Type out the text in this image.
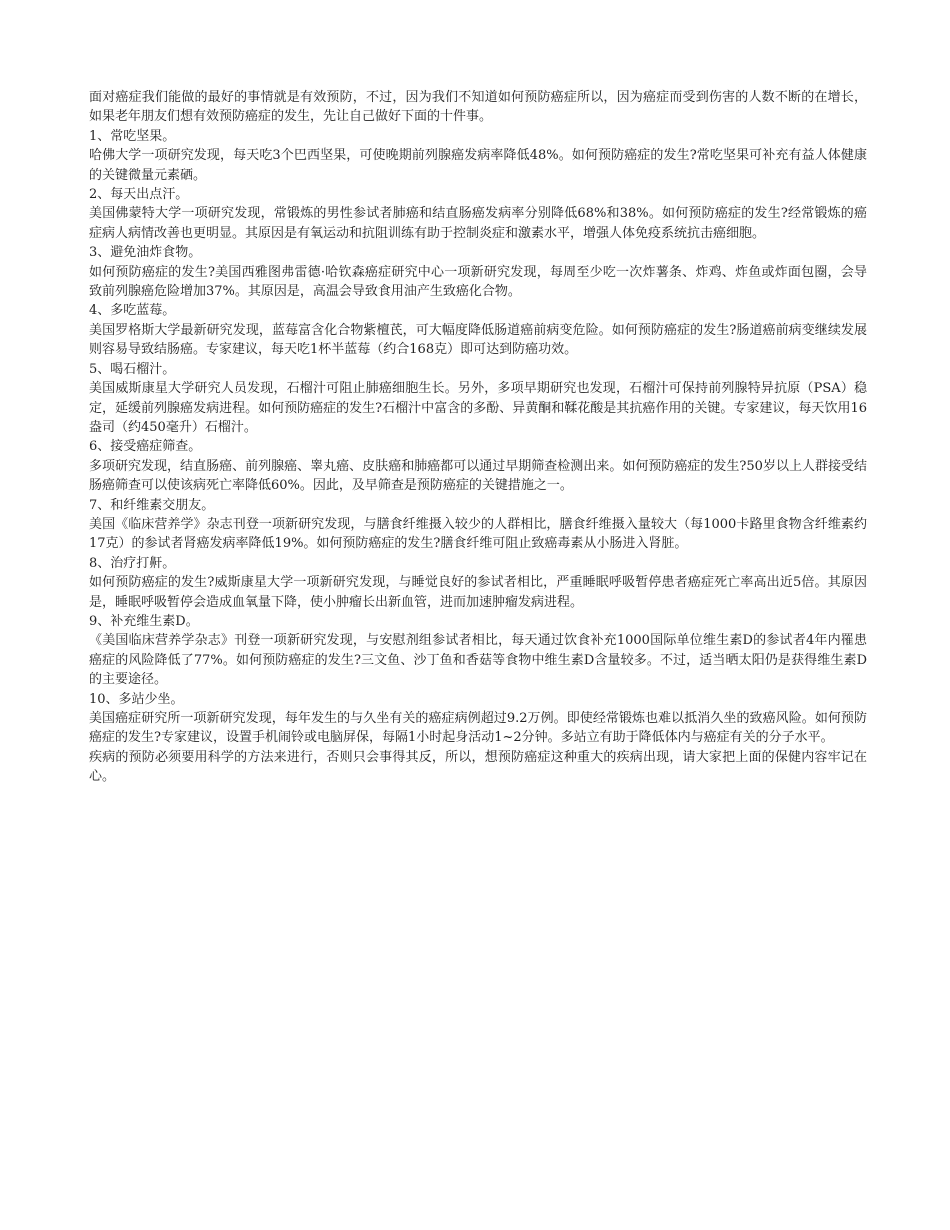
面对癌症我们能做的最好的事情就是有效预防，不过，因为我们不知道如何预防癌症所以，因为癌症而受到伤害的人数不断的在增长，如果老年朋友们想有效预防癌症的发生，先让自己做好下面的十件事。

1、常吃坚果。

哈佛大学一项研究发现，每天吃3个巴西坚果，可使晚期前列腺癌发病率降低48%。如何预防癌症的发生?常吃坚果可补充有益人体健康的关键微量元素硒。

2、每天出点汗。

美国佛蒙特大学一项研究发现，常锻炼的男性参试者肺癌和结直肠癌发病率分别降低68%和38%。如何预防癌症的发生?经常锻炼的癌症病人病情改善也更明显。其原因是有氧运动和抗阻训练有助于控制炎症和激素水平，增强人体免疫系统抗击癌细胞。

3、避免油炸食物。

如何预防癌症的发生?美国西雅图弗雷德·哈钦森癌症研究中心一项新研究发现，每周至少吃一次炸薯条、炸鸡、炸鱼或炸面包圈，会导致前列腺癌危险增加37%。其原因是，高温会导致食用油产生致癌化合物。

4、多吃蓝莓。

美国罗格斯大学最新研究发现，蓝莓富含化合物紫檀芪，可大幅度降低肠道癌前病变危险。如何预防癌症的发生?肠道癌前病变继续发展则容易导致结肠癌。专家建议，每天吃1杯半蓝莓（约合168克）即可达到防癌功效。

5、喝石榴汁。

美国威斯康星大学研究人员发现，石榴汁可阻止肺癌细胞生长。另外，多项早期研究也发现，石榴汁可保持前列腺特异抗原（PSA）稳定，延缓前列腺癌发病进程。如何预防癌症的发生?石榴汁中富含的多酚、异黄酮和鞣花酸是其抗癌作用的关键。专家建议，每天饮用16盎司（约450毫升）石榴汁。

6、接受癌症筛查。

多项研究发现，结直肠癌、前列腺癌、睾丸癌、皮肤癌和肺癌都可以通过早期筛查检测出来。如何预防癌症的发生?50岁以上人群接受结肠癌筛查可以使该病死亡率降低60%。因此，及早筛查是预防癌症的关键措施之一。

7、和纤维素交朋友。

美国《临床营养学》杂志刊登一项新研究发现，与膳食纤维摄入较少的人群相比，膳食纤维摄入量较大（每1000卡路里食物含纤维素约17克）的参试者肾癌发病率降低19%。如何预防癌症的发生?膳食纤维可阻止致癌毒素从小肠进入肾脏。

8、治疗打鼾。

如何预防癌症的发生?威斯康星大学一项新研究发现，与睡觉良好的参试者相比，严重睡眠呼吸暂停患者癌症死亡率高出近5倍。其原因是，睡眠呼吸暂停会造成血氧量下降，使小肿瘤长出新血管，进而加速肿瘤发病进程。

9、补充维生素D。

《美国临床营养学杂志》刊登一项新研究发现，与安慰剂组参试者相比，每天通过饮食补充1000国际单位维生素D的参试者4年内罹患癌症的风险降低了77%。如何预防癌症的发生?三文鱼、沙丁鱼和香菇等食物中维生素D含量较多。不过，适当晒太阳仍是获得维生素D的主要途径。

10、多站少坐。

美国癌症研究所一项新研究发现，每年发生的与久坐有关的癌症病例超过9.2万例。即使经常锻炼也难以抵消久坐的致癌风险。如何预防癌症的发生?专家建议，设置手机闹铃或电脑屏保，每隔1小时起身活动1~2分钟。多站立有助于降低体内与癌症有关的分子水平。

疾病的预防必须要用科学的方法来进行，否则只会事得其反，所以，想预防癌症这种重大的疾病出现，请大家把上面的保健内容牢记在心。
